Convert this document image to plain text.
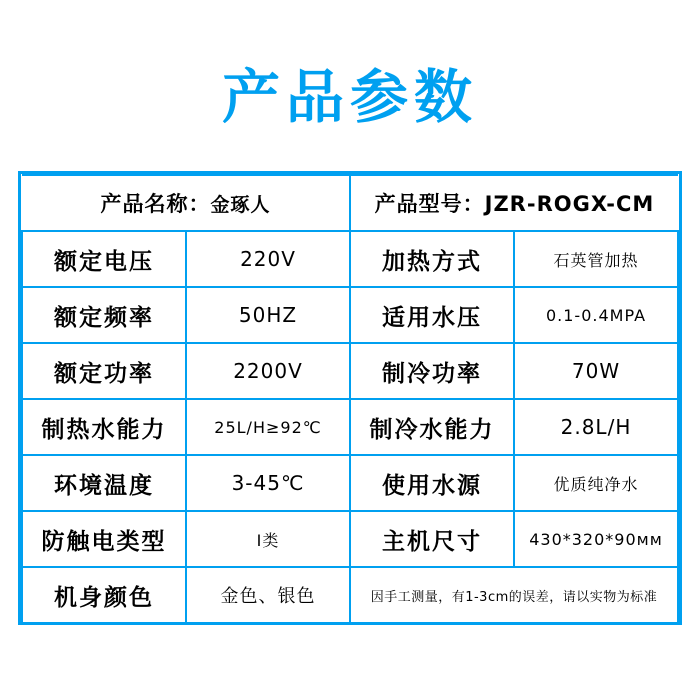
产品参数
产品名称：金琢人		产品型号：JZR-ROGX-CM	
额定电压	220V	加热方式	石英管加热
额定频率	50HZ	适用水压	0.1-0.4MPA
额定功率	2200V	制冷功率	70W
制热水能力	25L/H≥92℃	制冷水能力	2.8L/H
环境温度	3-45℃	使用水源	优质纯净水
防触电类型	Ⅰ类	主机尺寸	430*320*90мм
机身颜色	金色、银色	因手工测量，有1-3cm的误差，请以实物为标准	
